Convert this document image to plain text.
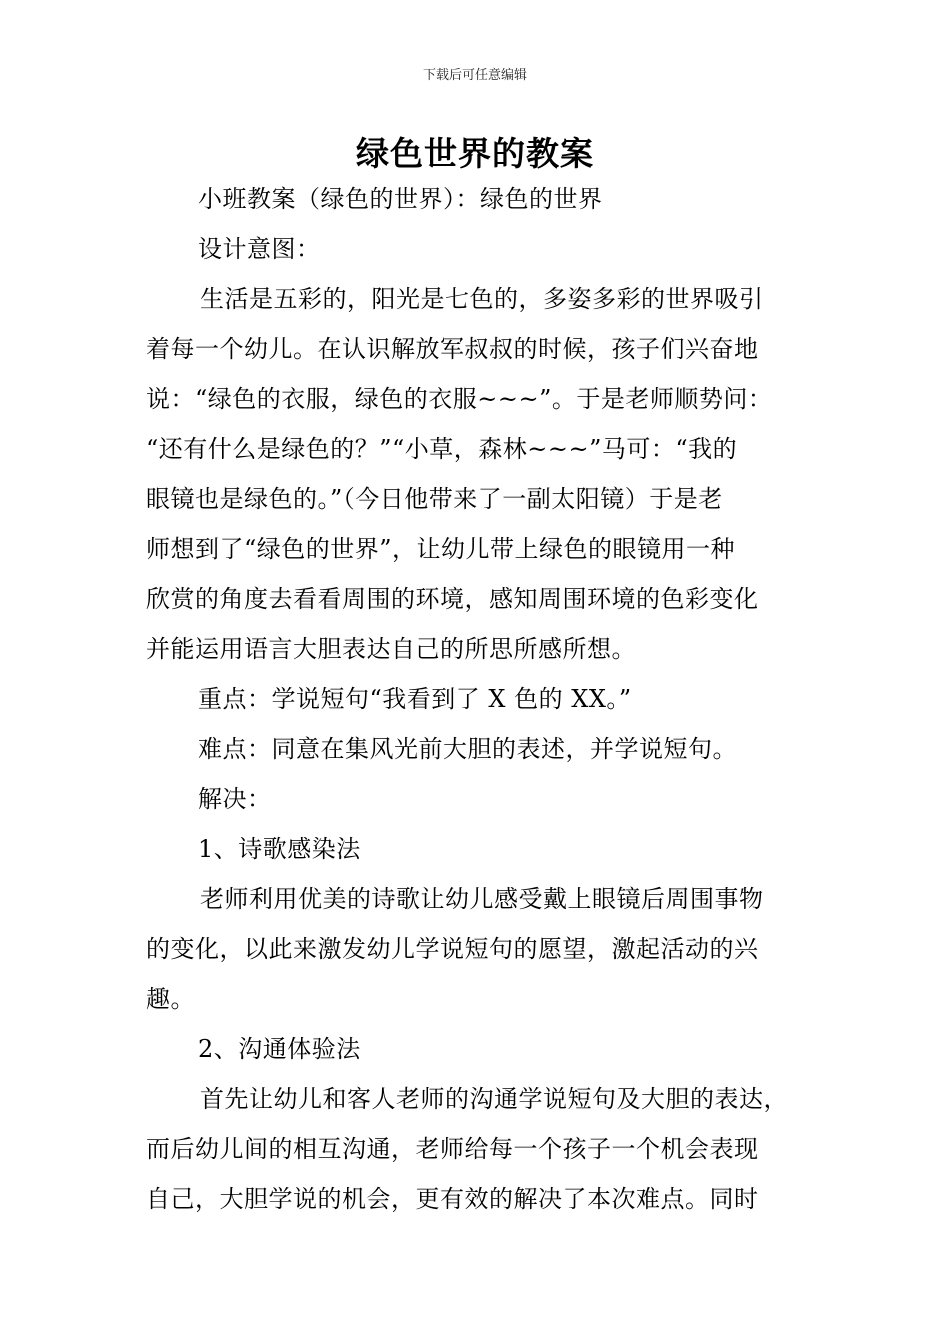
下载后可任意编辑
绿色世界的教案
小班教案（绿色的世界）：绿色的世界
设计意图：
生活是五彩的，阳光是七色的，多姿多彩的世界吸引
着每一个幼儿。在认识解放军叔叔的时候，孩子们兴奋地
说：“绿色的衣服，绿色的衣服~~~”。于是老师顺势问：
“还有什么是绿色的？”“小草，森林~~~”马可：“我的
眼镜也是绿色的。”（今日他带来了一副太阳镜）于是老
师想到了“绿色的世界”，让幼儿带上绿色的眼镜用一种
欣赏的角度去看看周围的环境，感知周围环境的色彩变化
并能运用语言大胆表达自己的所思所感所想。
重点：学说短句“我看到了 X 色的 XX。”
难点：同意在集风光前大胆的表述，并学说短句。
解决：
1、诗歌感染法
老师利用优美的诗歌让幼儿感受戴上眼镜后周围事物
的变化，以此来激发幼儿学说短句的愿望，激起活动的兴
趣。
2、沟通体验法
首先让幼儿和客人老师的沟通学说短句及大胆的表达，
而后幼儿间的相互沟通，老师给每一个孩子一个机会表现
自己，大胆学说的机会，更有效的解决了本次难点。同时
